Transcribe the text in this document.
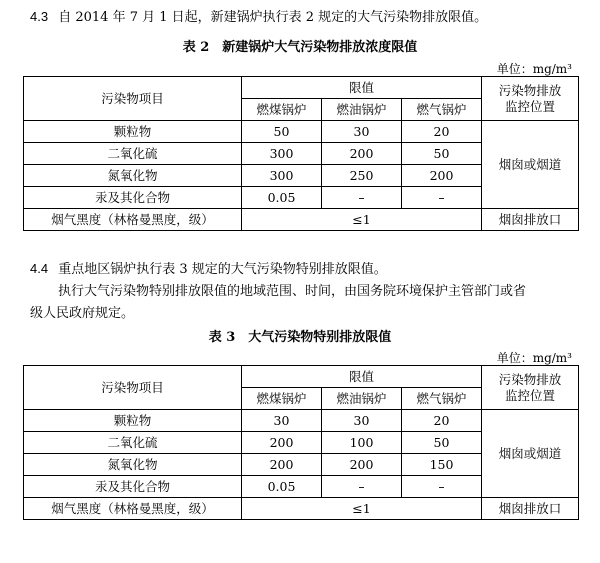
4.3 自 2014 年 7 月 1 日起，新建锅炉执行表 2 规定的大气污染物排放限值。
表 2　新建锅炉大气污染物排放浓度限值
单位：mg/m³
污染物项目	限值			污染物排放监控位置
	燃煤锅炉	燃油锅炉	燃气锅炉	
颗粒物	50	30	20	烟囱或烟道
二氧化硫	300	200	50	
氮氧化物	300	250	200	
汞及其化合物	0.05	–	–	
烟气黑度（林格曼黑度，级）	≤1			烟囱排放口
4.4 重点地区锅炉执行表 3 规定的大气污染物特别排放限值。
执行大气污染物特别排放限值的地域范围、时间，由国务院环境保护主管部门或省
级人民政府规定。
表 3　大气污染物特别排放限值
单位：mg/m³
污染物项目	限值			污染物排放监控位置
	燃煤锅炉	燃油锅炉	燃气锅炉	
颗粒物	30	30	20	烟囱或烟道
二氧化硫	200	100	50	
氮氧化物	200	200	150	
汞及其化合物	0.05	–	–	
烟气黑度（林格曼黑度，级）	≤1			烟囱排放口
